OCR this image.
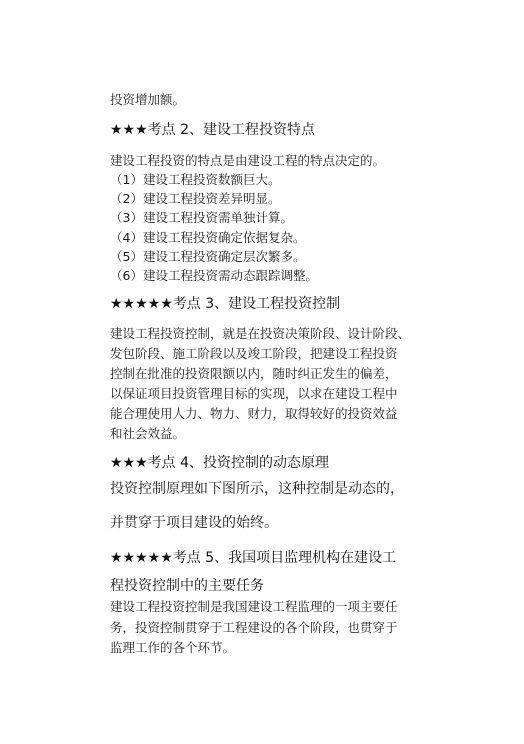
投资增加额。
★★★考点 2、建设工程投资特点
建设工程投资的特点是由建设工程的特点决定的。
（1）建设工程投资数额巨大。
（2）建设工程投资差异明显。
（3）建设工程投资需单独计算。
（4）建设工程投资确定依据复杂。
（5）建设工程投资确定层次繁多。
（6）建设工程投资需动态跟踪调整。
★★★★★考点 3、建设工程投资控制
建设工程投资控制，就是在投资决策阶段、设计阶段、
发包阶段、施工阶段以及竣工阶段，把建设工程投资
控制在批准的投资限额以内，随时纠正发生的偏差，
以保证项目投资管理目标的实现，以求在建设工程中
能合理使用人力、物力、财力，取得较好的投资效益
和社会效益。
★★★考点 4、投资控制的动态原理
投资控制原理如下图所示，这种控制是动态的，
并贯穿于项目建设的始终。
★★★★★考点 5、我国项目监理机构在建设工
程投资控制中的主要任务
建设工程投资控制是我国建设工程监理的一项主要任
务，投资控制贯穿于工程建设的各个阶段，也贯穿于
监理工作的各个环节。
